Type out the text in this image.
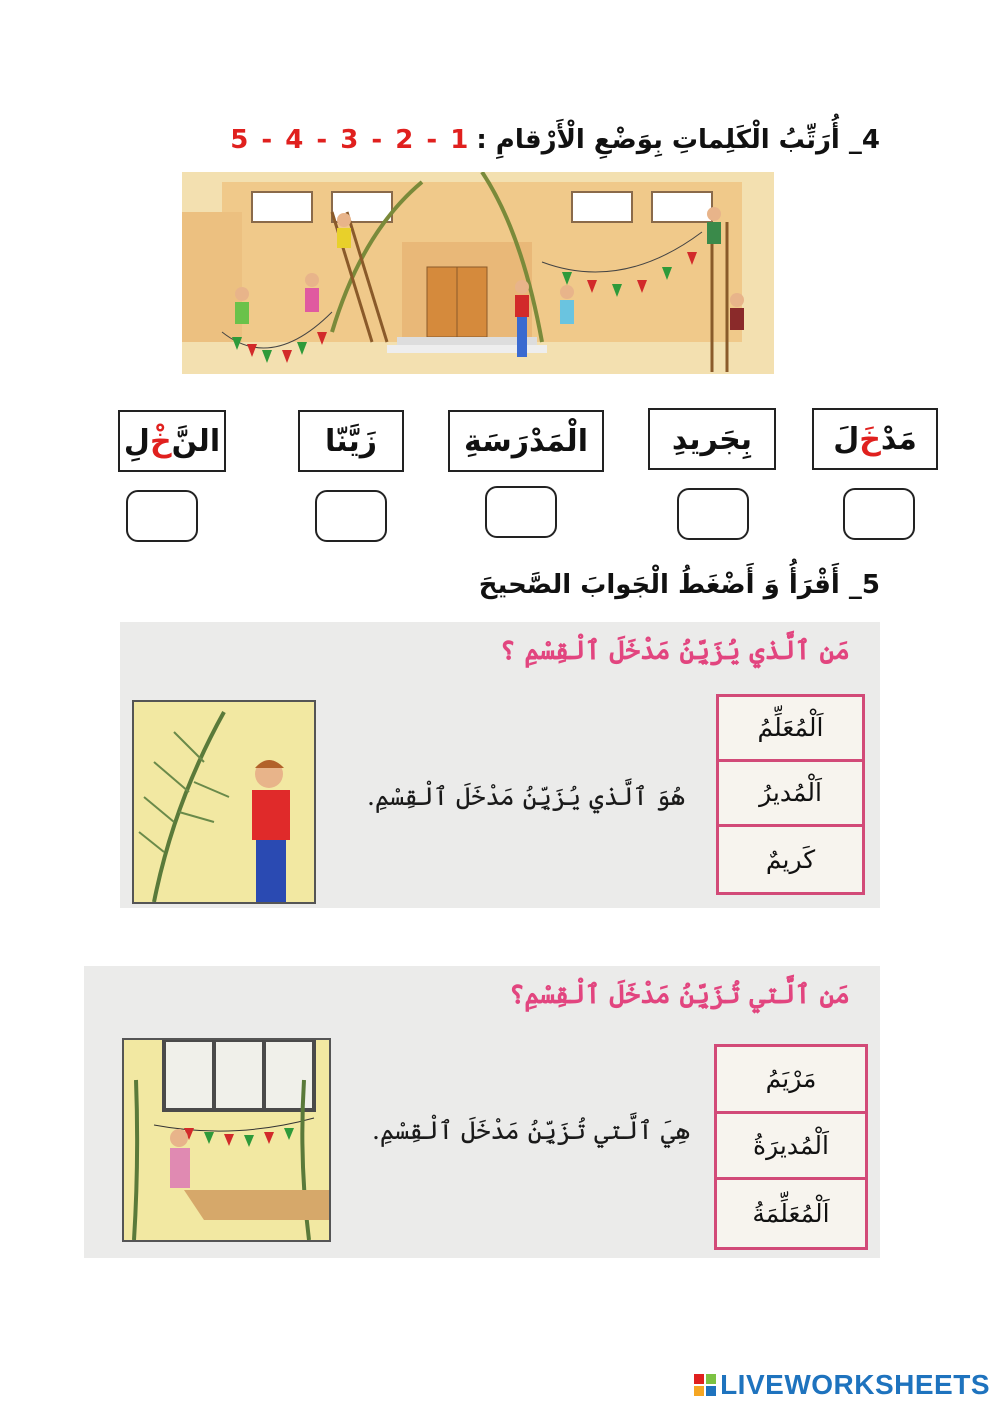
4_ أُرَتِّبُ الْكَلِماتِ بِوَضْعِ الْأَرْقامِ :
5 - 4 - 3 - 2 - 1
النَّ
خْ
لِ	زَيَّنّا	الْمَدْرَسَةِ	بِجَريدِ	مَدْ
خَ
لَ
5_ أَقْرَأُ وَ أَضْغَطُ الْجَوابَ الصَّحيحَ
مَنِ ٱلَّذي يُزَيِّنُ مَدْخَلَ ٱلْقِسْمِ ؟
هُوَ ٱلَّذي يُزَيِّنُ مَدْخَلَ ٱلْقِسْمِ.
اَلْمُعَلِّمُ
اَلْمُديرُ
كَريمٌ
مَنِ ٱلَّتي تُزَيِّنُ مَدْخَلَ ٱلْقِسْمِ؟
هِيَ ٱلَّتي تُزَيِّنُ مَدْخَلَ ٱلْقِسْمِ.
مَرْيَمُ
اَلْمُديرَةُ
اَلْمُعَلِّمَةُ
LIVEWORKSHEETS
